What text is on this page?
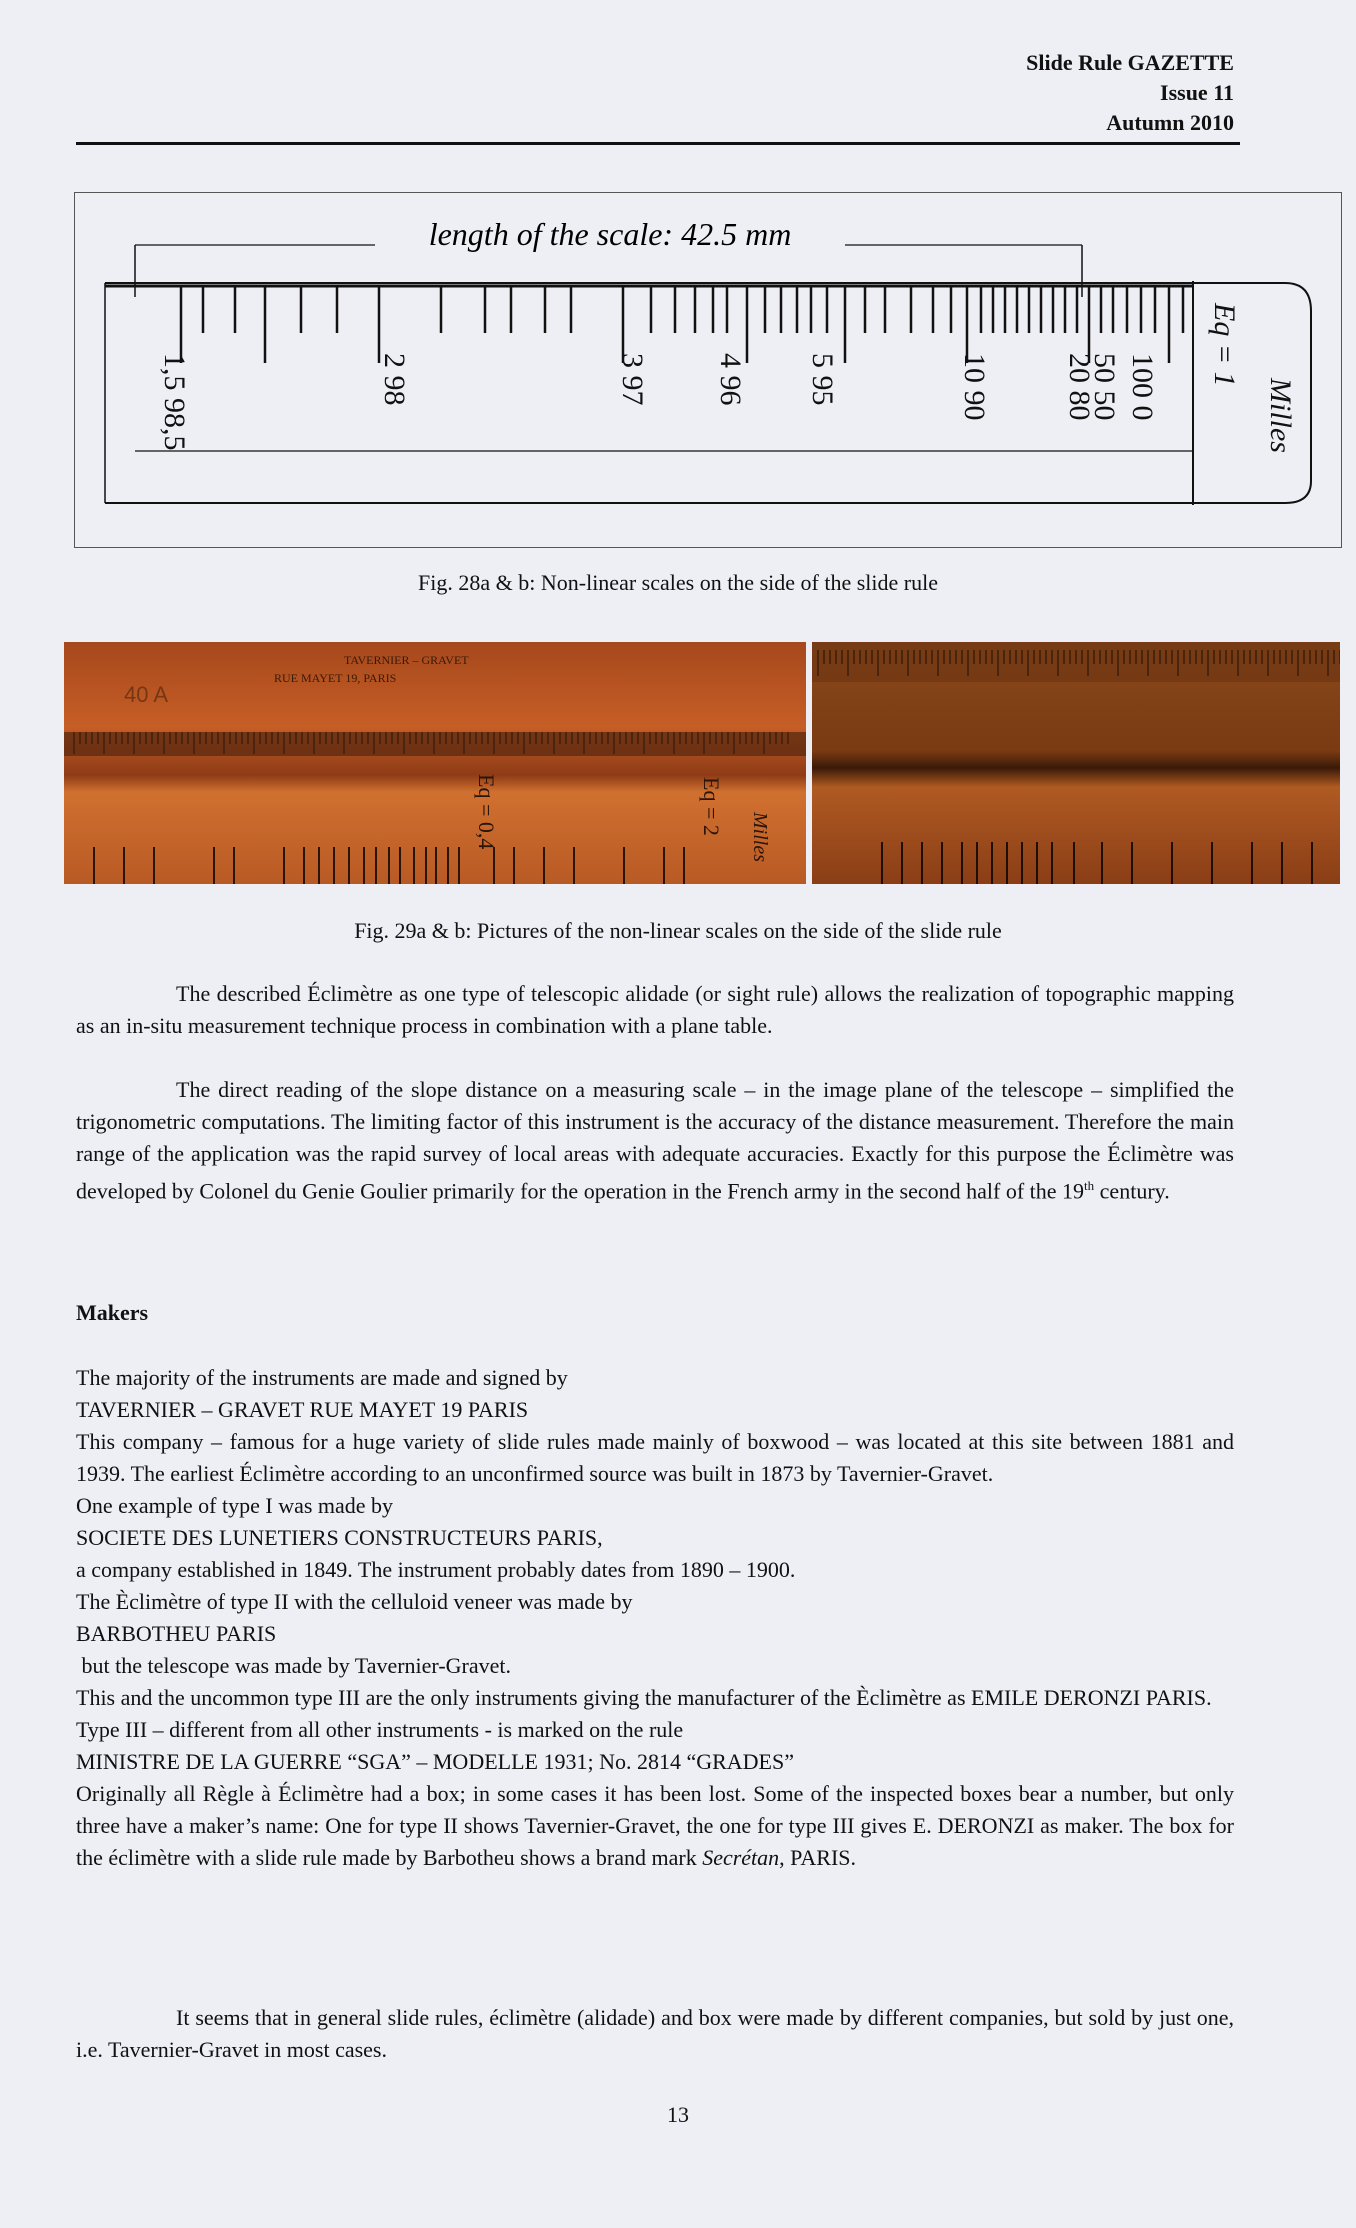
Slide Rule GAZETTE
Issue 11
Autumn 2010
length of the scale: 42.5 mm
1,5 98,5	2 98	3 97 4 96 5 95	10 90 20 80
50 50 100 0
Eq = 1
Milles
Fig. 28a & b: Non-linear scales on the side of the slide rule
TAVERNIER – GRAVET
RUE MAYET 19, PARIS
40 A
Eq = 0,4	Eq = 2
Milles
Fig. 29a & b: Pictures of the non-linear scales on the side of the slide rule
The described Éclimètre as one type of telescopic alidade (or sight rule) allows the realization of topographic mapping as an in-situ measurement technique process in combination with a plane table.
The direct reading of the slope distance on a measuring scale – in the image plane of the telescope – simplified the trigonometric computations. The limiting factor of this instrument is the accuracy of the distance measurement. Therefore the main range of the application was the rapid survey of local areas with adequate accuracies. Exactly for this purpose the Éclimètre was developed by Colonel du Genie Goulier primarily for the operation in the French army in the second half of the 19th century.
Makers
The majority of the instruments are made and signed by
TAVERNIER – GRAVET RUE MAYET 19 PARIS
This company – famous for a huge variety of slide rules made mainly of boxwood – was located at this site between 1881 and 1939. The earliest Éclimètre according to an unconfirmed source was built in 1873 by Tavernier-Gravet.
One example of type I was made by
SOCIETE DES LUNETIERS CONSTRUCTEURS PARIS,
a company established in 1849. The instrument probably dates from 1890 – 1900.
The Èclimètre of type II with the celluloid veneer was made by
BARBOTHEU PARIS
but the telescope was made by Tavernier-Gravet.
This and the uncommon type III are the only instruments giving the manufacturer of the Èclimètre as EMILE DERONZI PARIS.
Type III – different from all other instruments - is marked on the rule
MINISTRE DE LA GUERRE “SGA” – MODELLE 1931; No. 2814 “GRADES”
Originally all Règle à Éclimètre had a box; in some cases it has been lost. Some of the inspected boxes bear a number, but only three have a maker’s name: One for type II shows Tavernier-Gravet, the one for type III gives E. DERONZI as maker. The box for the éclimètre with a slide rule made by Barbotheu shows a brand mark Secrétan, PARIS.
It seems that in general slide rules, éclimètre (alidade) and box were made by different companies, but sold by just one, i.e. Tavernier-Gravet in most cases.
13
